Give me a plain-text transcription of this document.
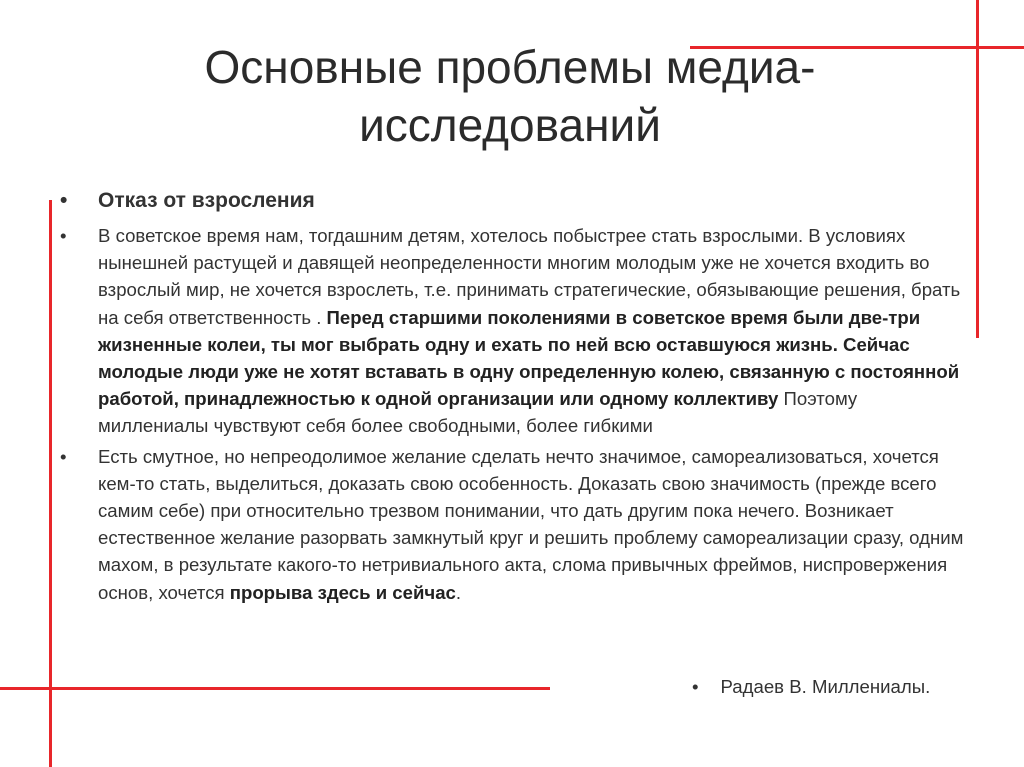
Основные проблемы медиа-
исследований
• Отказ от взросления
• В советское время нам, тогдашним детям, хотелось побыстрее стать взрослыми. В условиях нынешней растущей и давящей неопределенности многим молодым уже не хочется входить во взрослый мир, не хочется взрослеть, т.е. принимать стратегические, обязывающие решения, брать на себя ответственность . Перед старшими поколениями в советское время были две-три жизненные колеи, ты мог выбрать одну и ехать по ней всю оставшуюся жизнь. Сейчас молодые люди уже не хотят вставать в одну определенную колею, связанную с постоянной работой, принадлежностью к одной организации или одному коллективу Поэтому миллениалы чувствуют себя более свободными, более гибкими
• Есть смутное, но непреодолимое желание сделать нечто значимое, самореализоваться, хочется кем-то стать, выделиться, доказать свою особенность. Доказать свою значимость (прежде всего самим себе) при относительно трезвом понимании, что дать другим пока нечего. Возникает естественное желание разорвать замкнутый круг и решить проблему самореализации сразу, одним махом, в результате какого-то нетривиального акта, слома привычных фреймов, ниспровержения основ, хочется прорыва здесь и сейчас.
• Радаев В. Миллениалы.
